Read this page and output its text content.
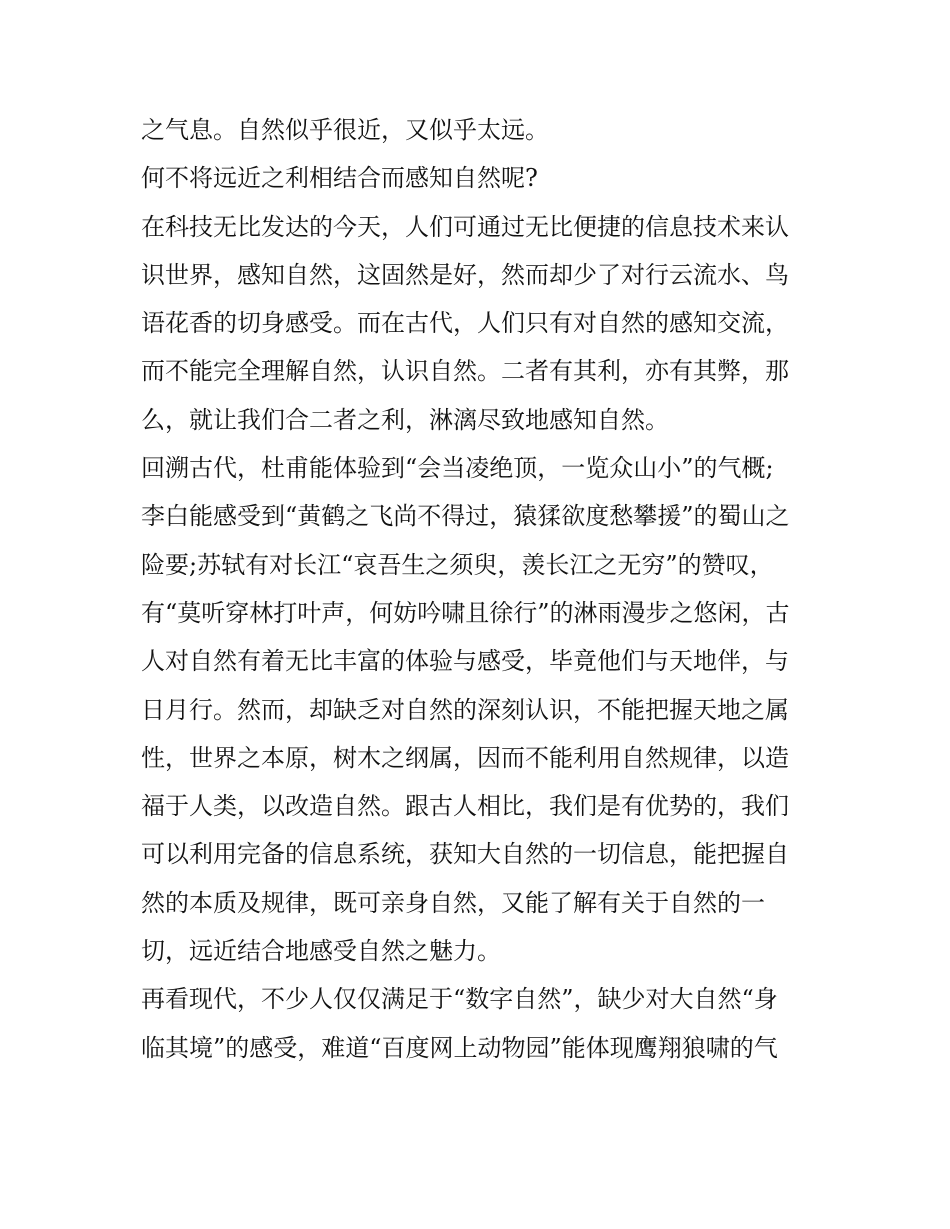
之气息。自然似乎很近，又似乎太远。
何不将远近之利相结合而感知自然呢?
在科技无比发达的今天，人们可通过无比便捷的信息技术来认
识世界，感知自然，这固然是好，然而却少了对行云流水、鸟
语花香的切身感受。而在古代，人们只有对自然的感知交流，
而不能完全理解自然，认识自然。二者有其利，亦有其弊，那
么，就让我们合二者之利，淋漓尽致地感知自然。
回溯古代，杜甫能体验到“会当凌绝顶，一览众山小”的气概;
李白能感受到“黄鹤之飞尚不得过，猿猱欲度愁攀援”的蜀山之
险要;苏轼有对长江“哀吾生之须臾，羡长江之无穷”的赞叹，
有“莫听穿林打叶声，何妨吟啸且徐行”的淋雨漫步之悠闲，古
人对自然有着无比丰富的体验与感受，毕竟他们与天地伴，与
日月行。然而，却缺乏对自然的深刻认识，不能把握天地之属
性，世界之本原，树木之纲属，因而不能利用自然规律，以造
福于人类，以改造自然。跟古人相比，我们是有优势的，我们
可以利用完备的信息系统，获知大自然的一切信息，能把握自
然的本质及规律，既可亲身自然，又能了解有关于自然的一
切，远近结合地感受自然之魅力。
再看现代，不少人仅仅满足于“数字自然”，缺少对大自然“身
临其境”的感受，难道“百度网上动物园”能体现鹰翔狼啸的气
